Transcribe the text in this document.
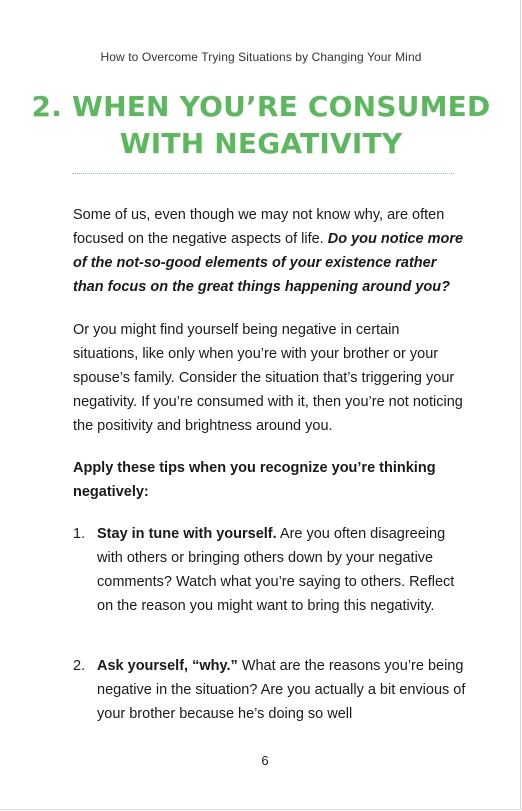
How to Overcome Trying Situations by Changing Your Mind
2. WHEN YOU’RE CONSUMED
WITH NEGATIVITY

Some of us, even though we may not know why, are often focused on the negative aspects of life. Do you notice more of the not-so-good elements of your existence rather than focus on the great things happening around you?

Or you might find yourself being negative in certain situations, like only when you’re with your brother or your spouse’s family. Consider the situation that’s triggering your negativity. If you’re consumed with it, then you’re not noticing the positivity and brightness around you.

Apply these tips when you recognize you’re thinking negatively:

1. Stay in tune with yourself. Are you often disagreeing with others or bringing others down by your negative comments? Watch what you’re saying to others. Reflect on the reason you might want to bring this negativity.
2. Ask yourself, “why.” What are the reasons you’re being negative in the situation? Are you actually a bit envious of your brother because he’s doing so well
6
